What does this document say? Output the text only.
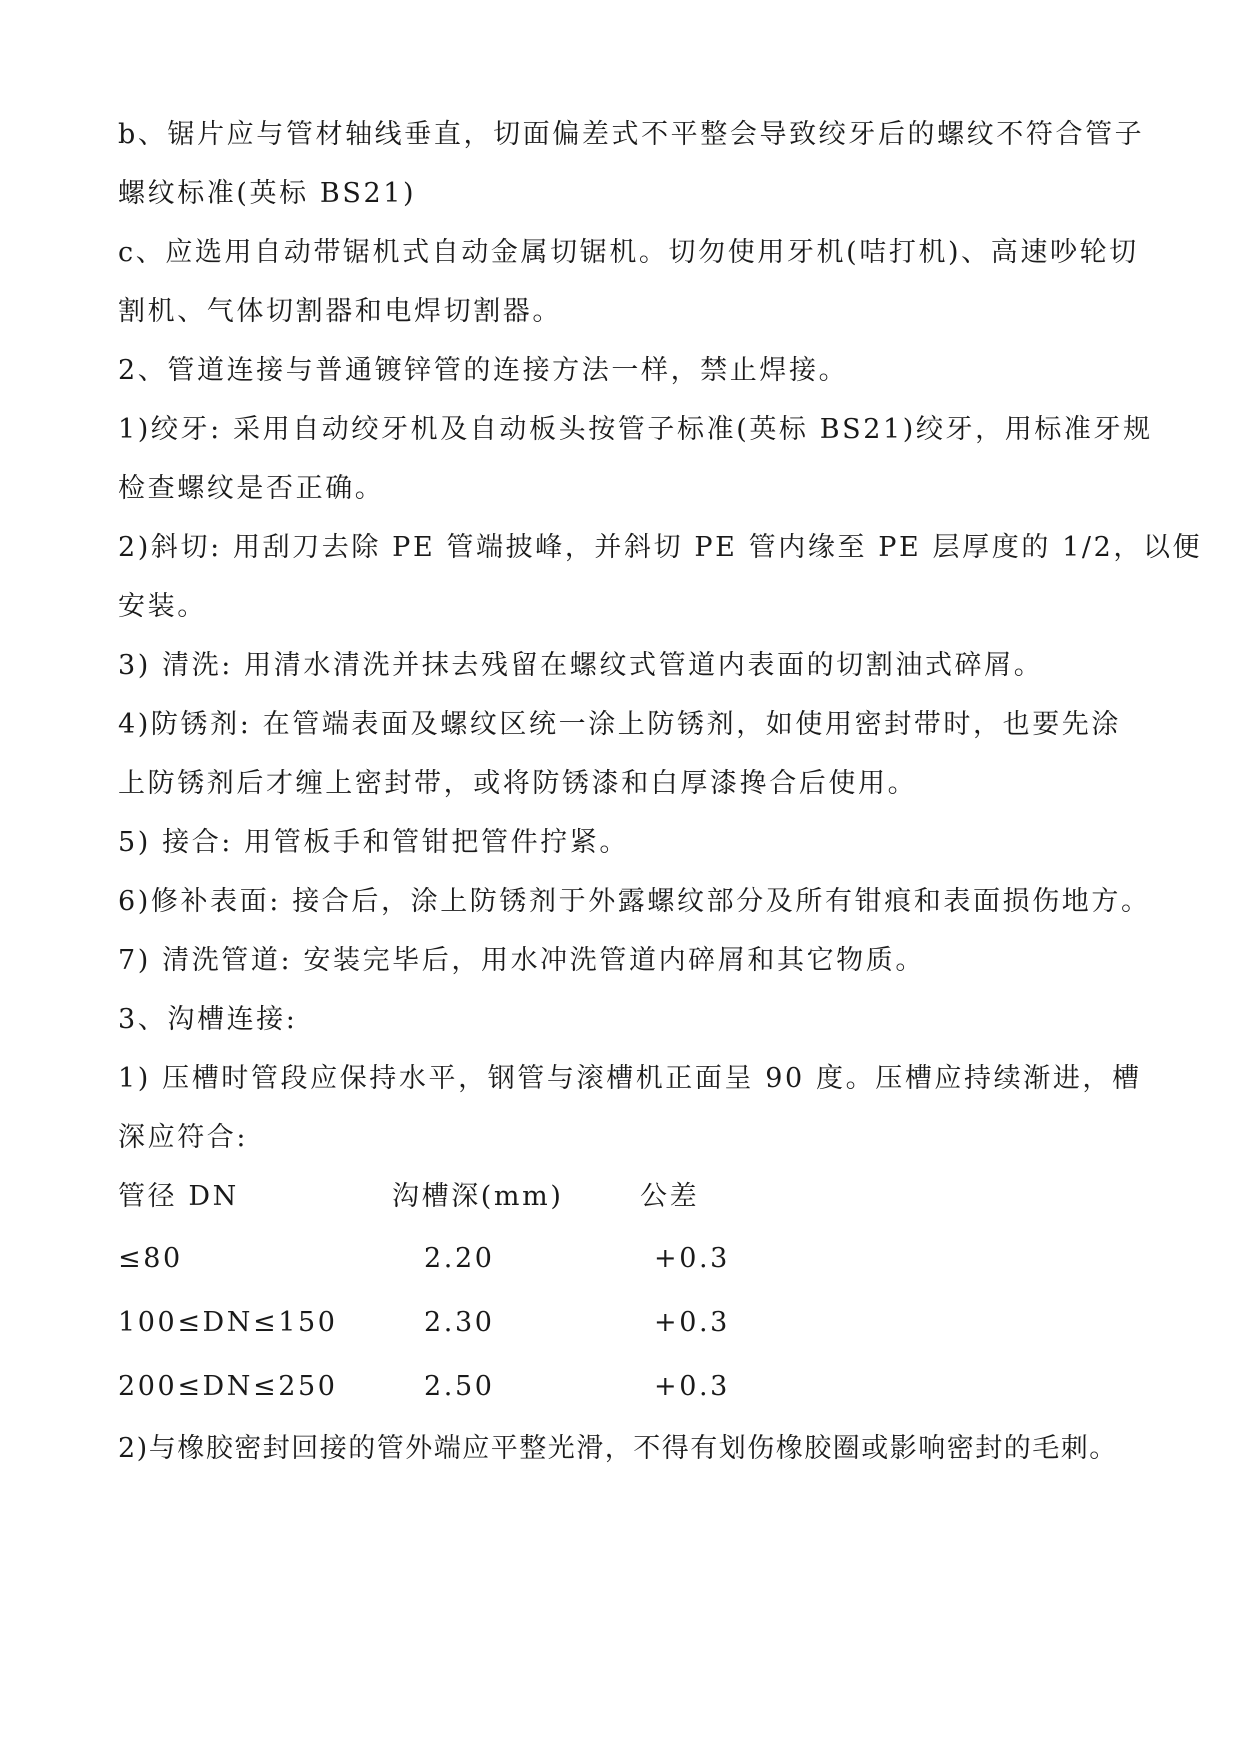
b、锯片应与管材轴线垂直，切面偏差式不平整会导致绞牙后的螺纹不符合管子
螺纹标准(英标 BS21)
c、应选用自动带锯机式自动金属切锯机。切勿使用牙机(咭打机)、高速吵轮切
割机、气体切割器和电焊切割器。
2、管道连接与普通镀锌管的连接方法一样，禁止焊接。
1)绞牙: 采用自动绞牙机及自动板头按管子标准(英标 BS21)绞牙，用标准牙规
检查螺纹是否正确。
2)斜切: 用刮刀去除 PE 管端披峰，并斜切 PE 管内缘至 PE 层厚度的 1/2，以便
安装。
3) 清洗: 用清水清洗并抹去残留在螺纹式管道内表面的切割油式碎屑。
4)防锈剂: 在管端表面及螺纹区统一涂上防锈剂，如使用密封带时，也要先涂
上防锈剂后才缠上密封带，或将防锈漆和白厚漆搀合后使用。
5) 接合: 用管板手和管钳把管件拧紧。
6)修补表面: 接合后，涂上防锈剂于外露螺纹部分及所有钳痕和表面损伤地方。
7) 清洗管道: 安装完毕后，用水冲洗管道内碎屑和其它物质。
3、沟槽连接:
1) 压槽时管段应保持水平，钢管与滚槽机正面呈 90 度。压槽应持续渐进，槽
深应符合:
管径 DN	沟槽深(mm)	公差
≤80	2.20	+0.3
100≤DN≤150	2.30	+0.3
200≤DN≤250	2.50	+0.3
2)与橡胶密封回接的管外端应平整光滑，不得有划伤橡胶圈或影响密封的毛刺。
